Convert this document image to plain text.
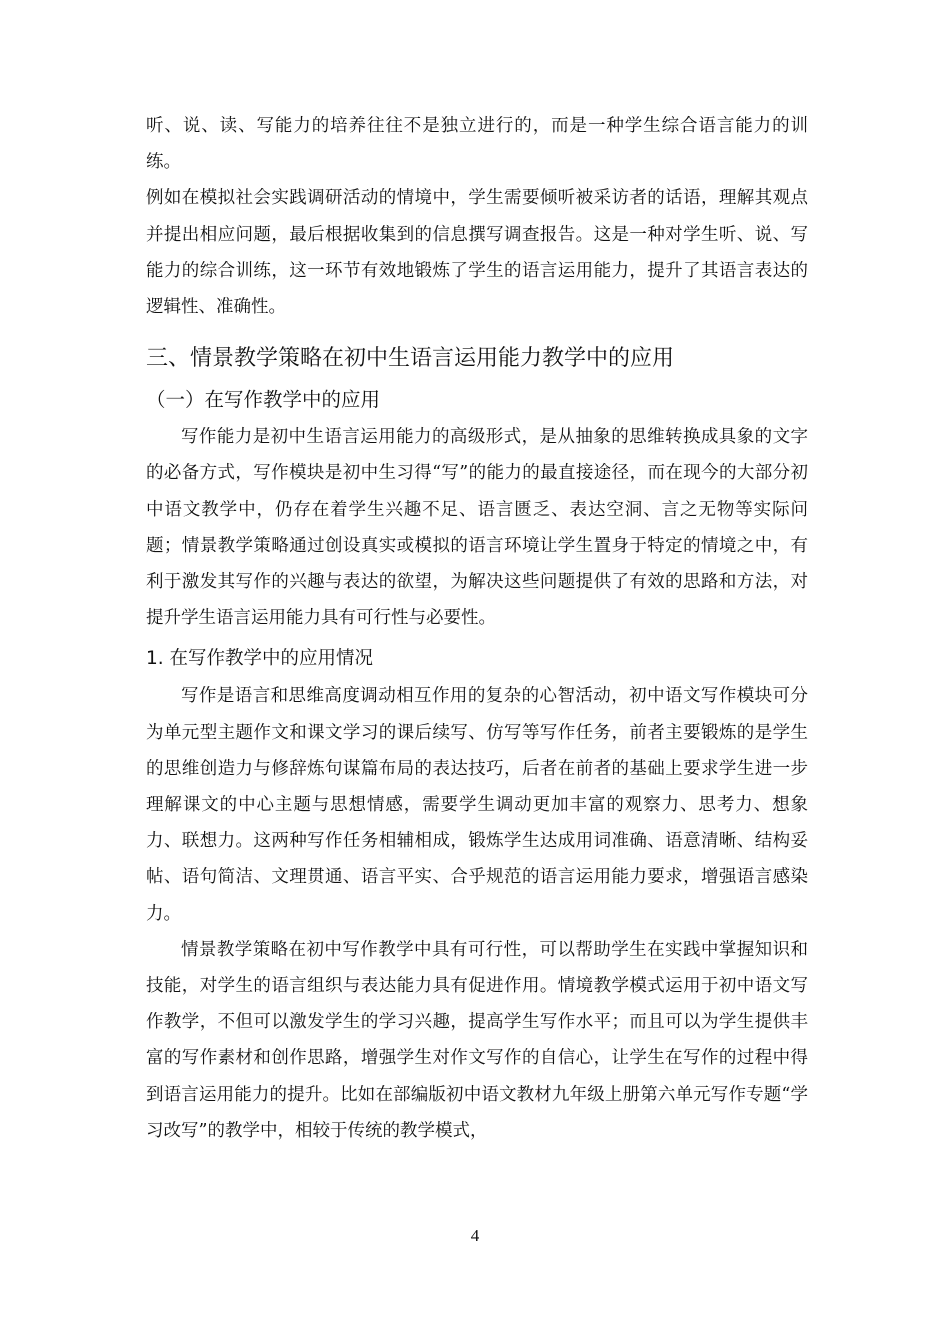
听、说、读、写能力的培养往往不是独立进行的，而是一种学生综合语言能力的训练。

例如在模拟社会实践调研活动的情境中，学生需要倾听被采访者的话语，理解其观点并提出相应问题，最后根据收集到的信息撰写调查报告。这是一种对学生听、说、写能力的综合训练，这一环节有效地锻炼了学生的语言运用能力，提升了其语言表达的逻辑性、准确性。

三、情景教学策略在初中生语言运用能力教学中的应用
（一）在写作教学中的应用

写作能力是初中生语言运用能力的高级形式，是从抽象的思维转换成具象的文字的必备方式，写作模块是初中生习得“写”的能力的最直接途径，而在现今的大部分初中语文教学中，仍存在着学生兴趣不足、语言匮乏、表达空洞、言之无物等实际问题；情景教学策略通过创设真实或模拟的语言环境让学生置身于特定的情境之中，有利于激发其写作的兴趣与表达的欲望，为解决这些问题提供了有效的思路和方法，对提升学生语言运用能力具有可行性与必要性。

1. 在写作教学中的应用情况

写作是语言和思维高度调动相互作用的复杂的心智活动，初中语文写作模块可分为单元型主题作文和课文学习的课后续写、仿写等写作任务，前者主要锻炼的是学生的思维创造力与修辞炼句谋篇布局的表达技巧，后者在前者的基础上要求学生进一步理解课文的中心主题与思想情感，需要学生调动更加丰富的观察力、思考力、想象力、联想力。这两种写作任务相辅相成，锻炼学生达成用词准确、语意清晰、结构妥帖、语句简洁、文理贯通、语言平实、合乎规范的语言运用能力要求，增强语言感染力。

情景教学策略在初中写作教学中具有可行性，可以帮助学生在实践中掌握知识和技能，对学生的语言组织与表达能力具有促进作用。情境教学模式运用于初中语文写作教学，不但可以激发学生的学习兴趣，提高学生写作水平；而且可以为学生提供丰富的写作素材和创作思路，增强学生对作文写作的自信心，让学生在写作的过程中得到语言运用能力的提升。比如在部编版初中语文教材九年级上册第六单元写作专题“学习改写”的教学中，相较于传统的教学模式，

4
